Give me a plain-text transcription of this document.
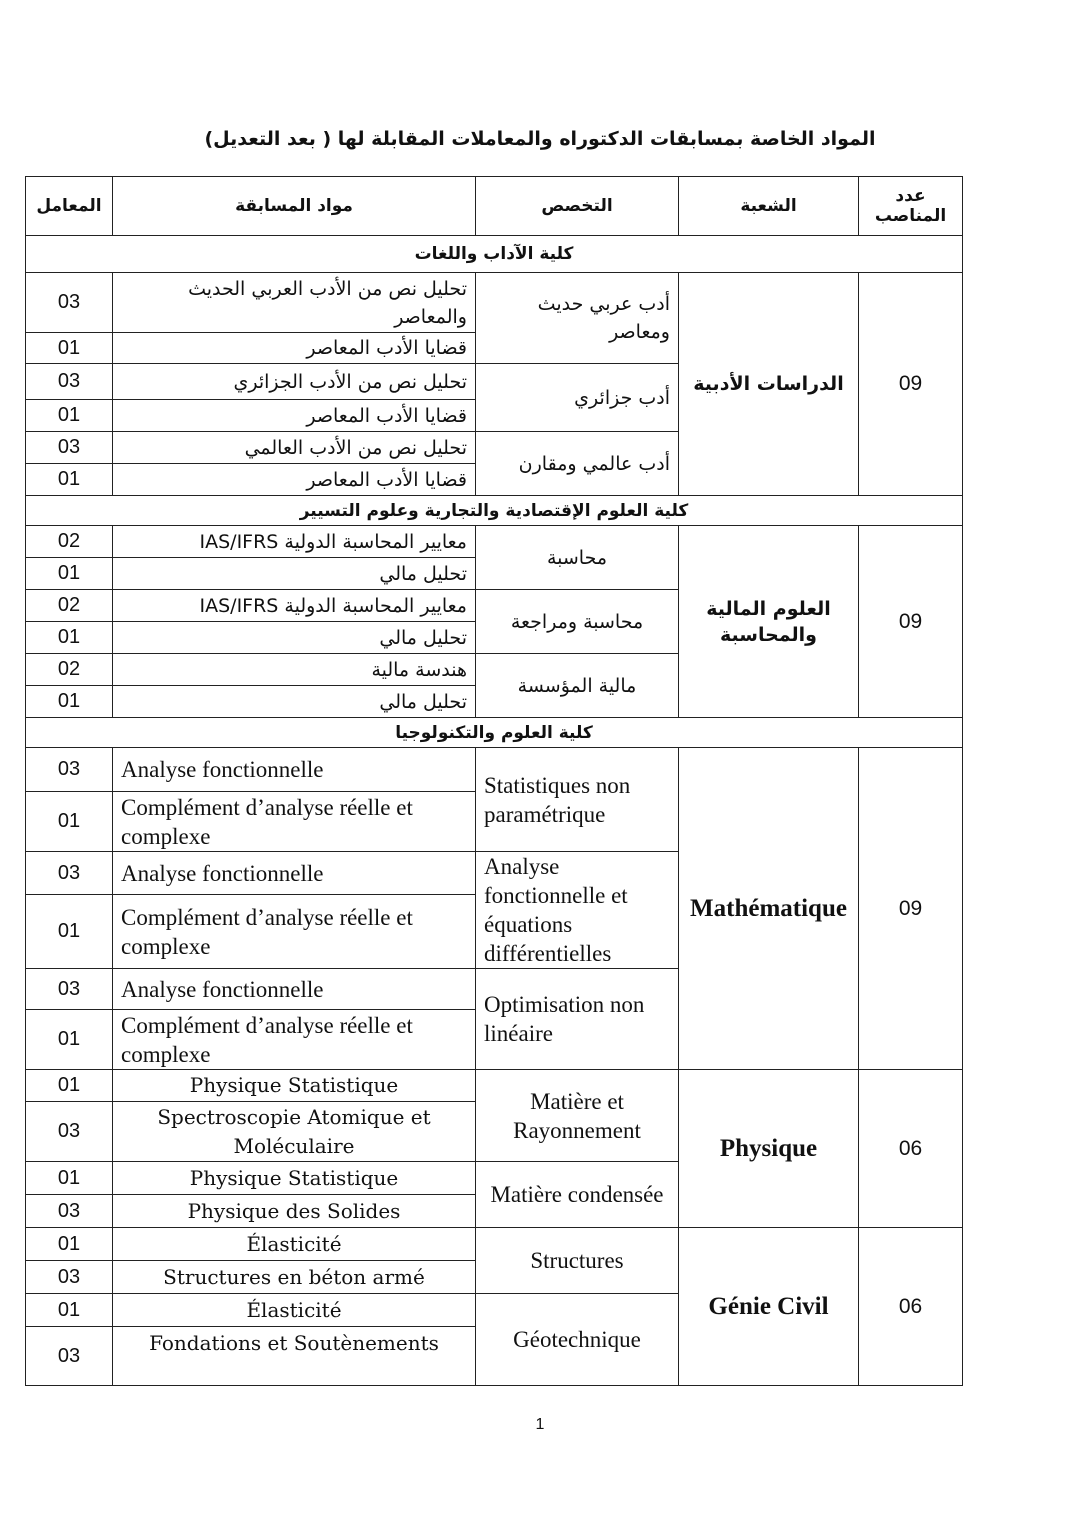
المواد الخاصة بمسابقات الدكتوراه والمعاملات المقابلة لها ( بعد التعديل)
المعامل	مواد المسابقة	التخصص	الشعبة	عدد المناصب
كلية الآداب واللغات				
03	تحليل نص من الأدب العربي الحديث والمعاصر	أدب عربي حديث ومعاصر	الدراسات الأدبية	09
01	قضايا الأدب المعاصر			
03	تحليل نص من الأدب الجزائري	أدب جزائري		
01	قضايا الأدب المعاصر			
03	تحليل نص من الأدب العالمي	أدب عالمي ومقارن		
01	قضايا الأدب المعاصر			
كلية العلوم الإقتصادية والتجارية وعلوم التسيير				
02	معايير المحاسبة الدولية IAS/IFRS	محاسبة	العلوم المالية والمحاسبة	09
01	تحليل مالي			
02	معايير المحاسبة الدولية IAS/IFRS	محاسبة ومراجعة		
01	تحليل مالي			
02	هندسة مالية	مالية المؤسسة		
01	تحليل مالي			
كلية العلوم والتكنولوجيا				
03	Analyse fonctionnelle	Statistiques non paramétrique	Mathématique	09
01	Complément d’analyse réelle et complexe			
03	Analyse fonctionnelle	Analyse fonctionnelle et équations différentielles		
01	Complément d’analyse réelle et complexe			
03	Analyse fonctionnelle	Optimisation non linéaire		
01	Complément d’analyse réelle et complexe			
01	Physique Statistique	Matière et Rayonnement	Physique	06
03	Spectroscopie Atomique et Moléculaire			
01	Physique Statistique	Matière condensée		
03	Physique des Solides			
01	Élasticité	Structures	Génie Civil	06
03	Structures en béton armé			
01	Élasticité	Géotechnique		
03	Fondations et Soutènements			
1
